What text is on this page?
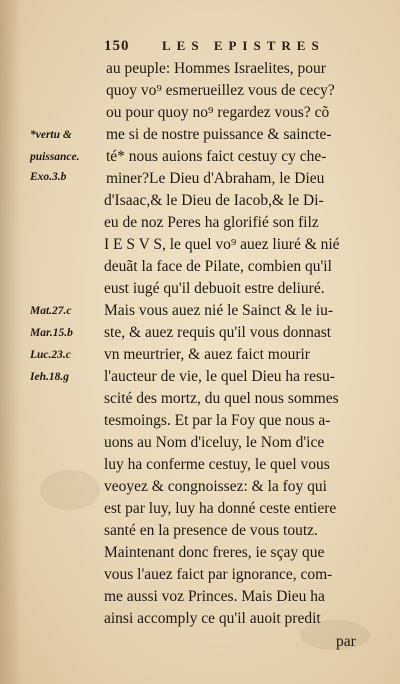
150	LES EPISTRES
au peuple: Hommes Israelites, pour
quoy vo⁹ esmerueillez vous de cecy?
ou pour quoy no⁹ regardez vous? cõ
me si de nostre puissance & saincte-
té* nous auions faict cestuy cy che-
miner?Le Dieu d'Abraham, le Dieu
d'Isaac,& le Dieu de Iacob,& le Di-
eu de noz Peres ha glorifié son filz
I E S V S, le quel vo⁹ auez liuré & nié
deuãt la face de Pilate, combien qu'il
eust iugé qu'il debuoit estre deliuré.
Mais vous auez nié le Sainct & le iu-
ste, & auez requis qu'il vous donnast
vn meurtrier, & auez faict mourir
l'aucteur de vie, le quel Dieu ha resu-
scité des mortz, du quel nous sommes
tesmoings. Et par la Foy que nous a-
uons au Nom d'iceluy, le Nom d'ice
luy ha conferme cestuy, le quel vous
veoyez & congnoissez: & la foy qui
est par luy, luy ha donné ceste entiere
santé en la presence de vous toutz.
Maintenant donc freres, ie sçay que
vous l'auez faict par ignorance, com-
me aussi voz Princes. Mais Dieu ha
ainsi accomply ce qu'il auoit predit
*vertu &
puissance.
Exo.3.b
Mat.27.c
Mar.15.b
Luc.23.c
Ieh.18.g
par
